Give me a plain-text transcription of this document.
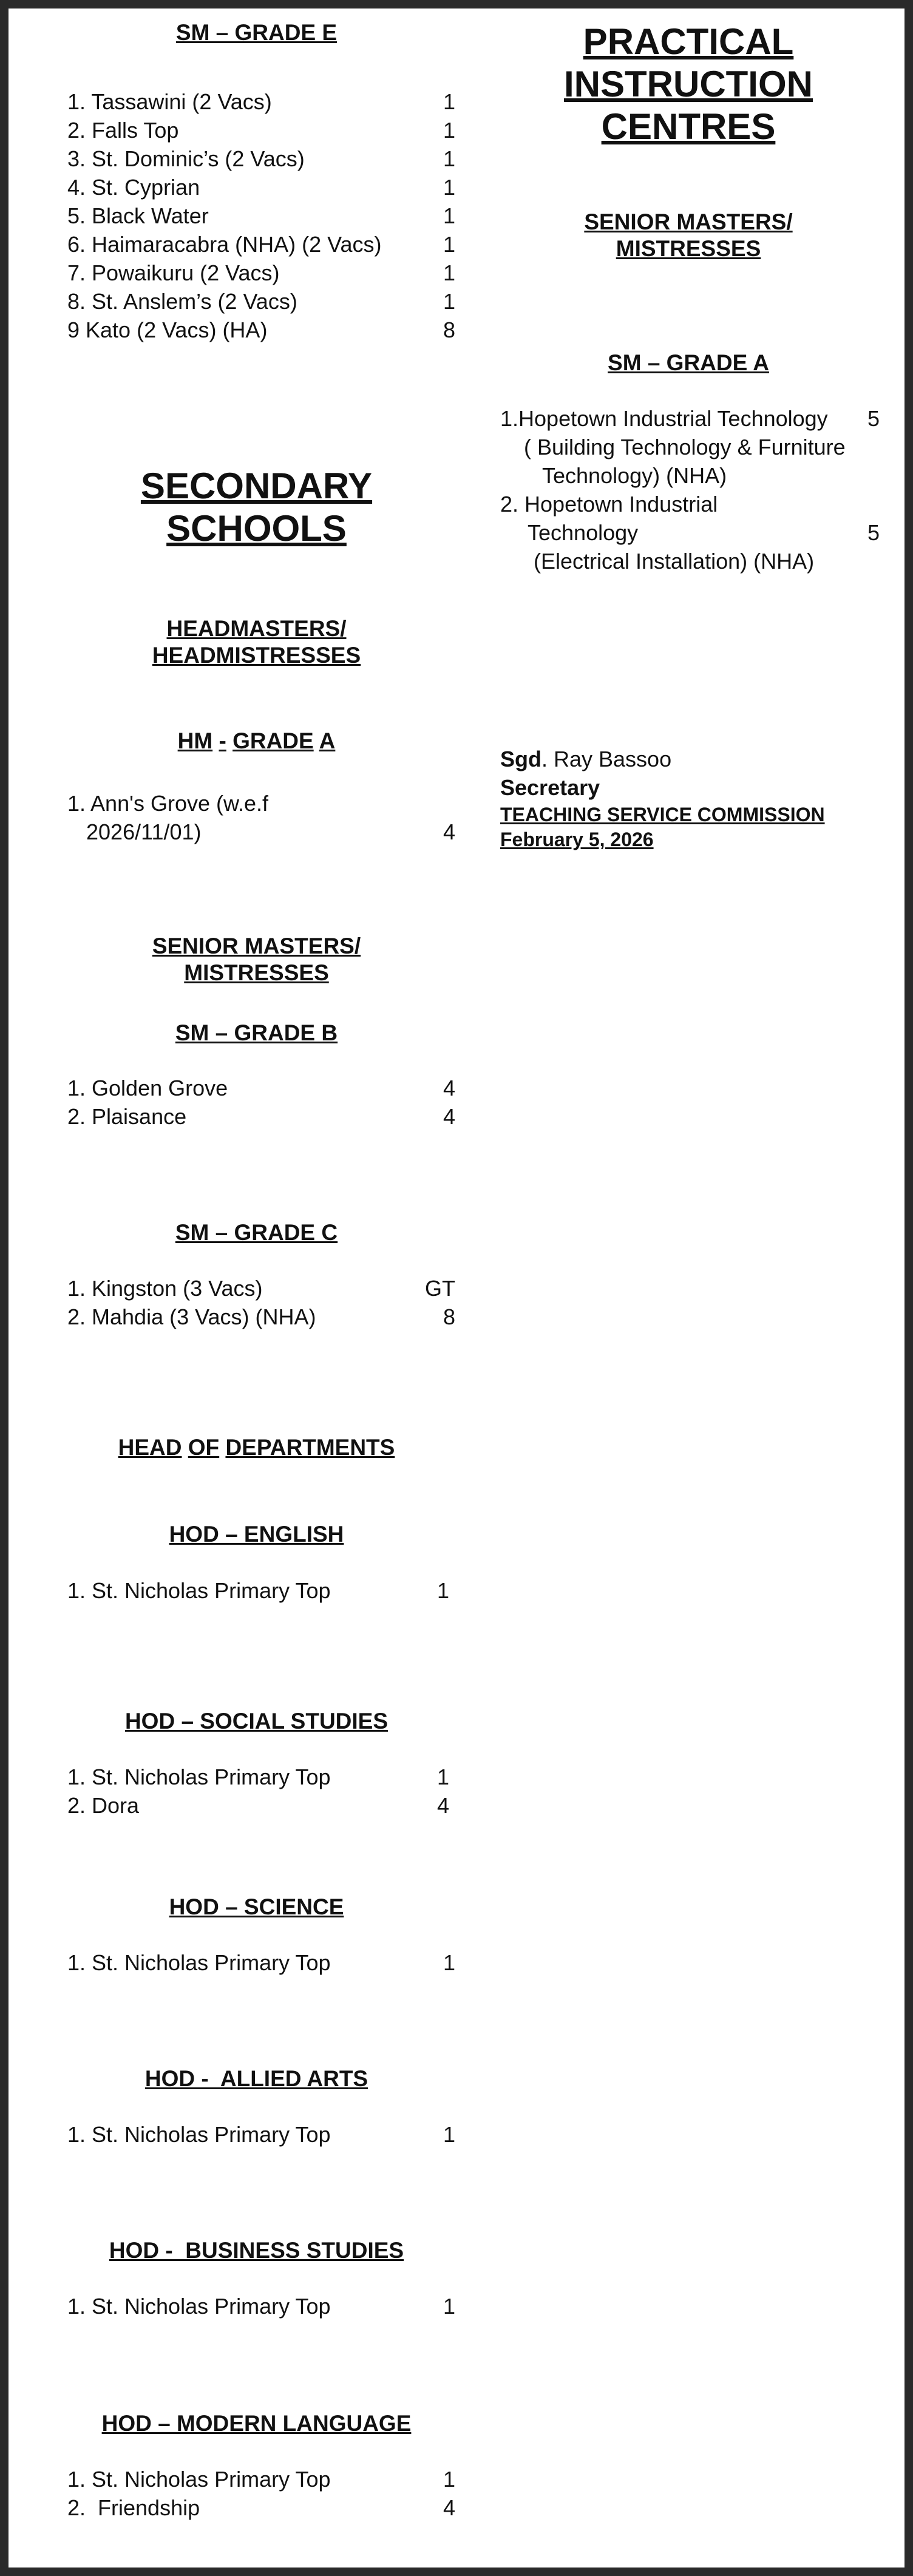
SM – GRADE E
1. Tassawini (2 Vacs)	1
2. Falls Top	1
3. St. Dominic’s (2 Vacs)	1
4. St. Cyprian	1
5. Black Water	1
6. Haimaracabra (NHA) (2 Vacs)	1
7. Powaikuru (2 Vacs)	1
8. St. Anslem’s (2 Vacs)	1
9 Kato (2 Vacs) (HA)	8
SECONDARY
SCHOOLS
HEADMASTERS/
HEADMISTRESSES
HM - GRADE A
1. Ann's Grove (w.e.f
2026/11/01)	4
SENIOR MASTERS/
MISTRESSES
SM – GRADE B
1. Golden Grove	4
2. Plaisance	4
SM – GRADE C
1. Kingston (3 Vacs)	GT
2. Mahdia (3 Vacs) (NHA)	8
HEAD OF DEPARTMENTS
HOD – ENGLISH
1. St. Nicholas Primary Top	1
HOD – SOCIAL STUDIES
1. St. Nicholas Primary Top	1
2. Dora	4
HOD – SCIENCE
1. St. Nicholas Primary Top	1
HOD -  ALLIED ARTS
1. St. Nicholas Primary Top	1
HOD -  BUSINESS STUDIES
1. St. Nicholas Primary Top	1
HOD – MODERN LANGUAGE
1. St. Nicholas Primary Top	1
2.  Friendship	4
PRACTICAL
INSTRUCTION
CENTRES
SENIOR MASTERS/
MISTRESSES
SM – GRADE A
1.Hopetown Industrial Technology
( Building Technology & Furniture
Technology) (NHA)
5
2. Hopetown Industrial
Technology
(Electrical Installation) (NHA)
5
Sgd. Ray Bassoo
Secretary
TEACHING SERVICE COMMISSION
February 5, 2026
